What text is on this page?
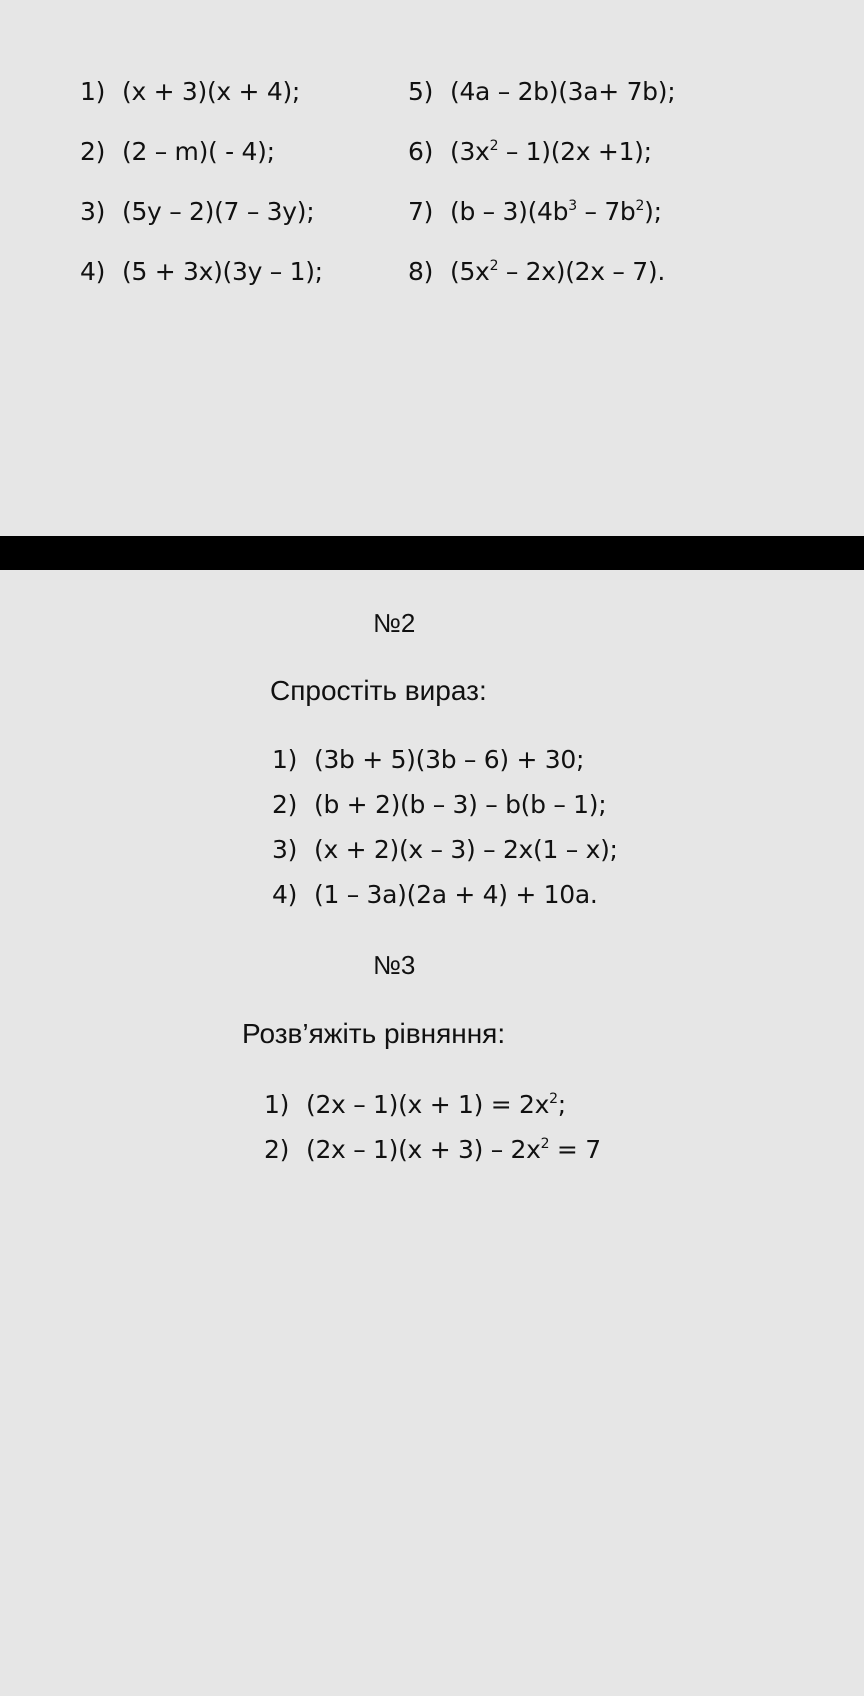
1) (x + 3)(x + 4);
2) (2 – m)( - 4);
3) (5y – 2)(7 – 3y);
4) (5 + 3x)(3y – 1);
5) (4a – 2b)(3a+ 7b);
6) $(3x^2 - 1)(2x +1)$;
7) $(b - 3)(4b^3 - 7b^2)$;
8) $(5x^2 - 2x)(2x - 7)$.
№2
Спростіть вираз:
1) (3b + 5)(3b – 6) + 30;
2) (b + 2)(b – 3) – b(b – 1);
3) (x + 2)(x – 3) – 2x(1 – x);
4) (1 – 3a)(2a + 4) + 10a.
№3
Розв’яжіть рівняння:
1) $(2x - 1)(x + 1) = 2x^2$;
2) $(2x - 1)(x + 3) - 2x^2 = 7$
